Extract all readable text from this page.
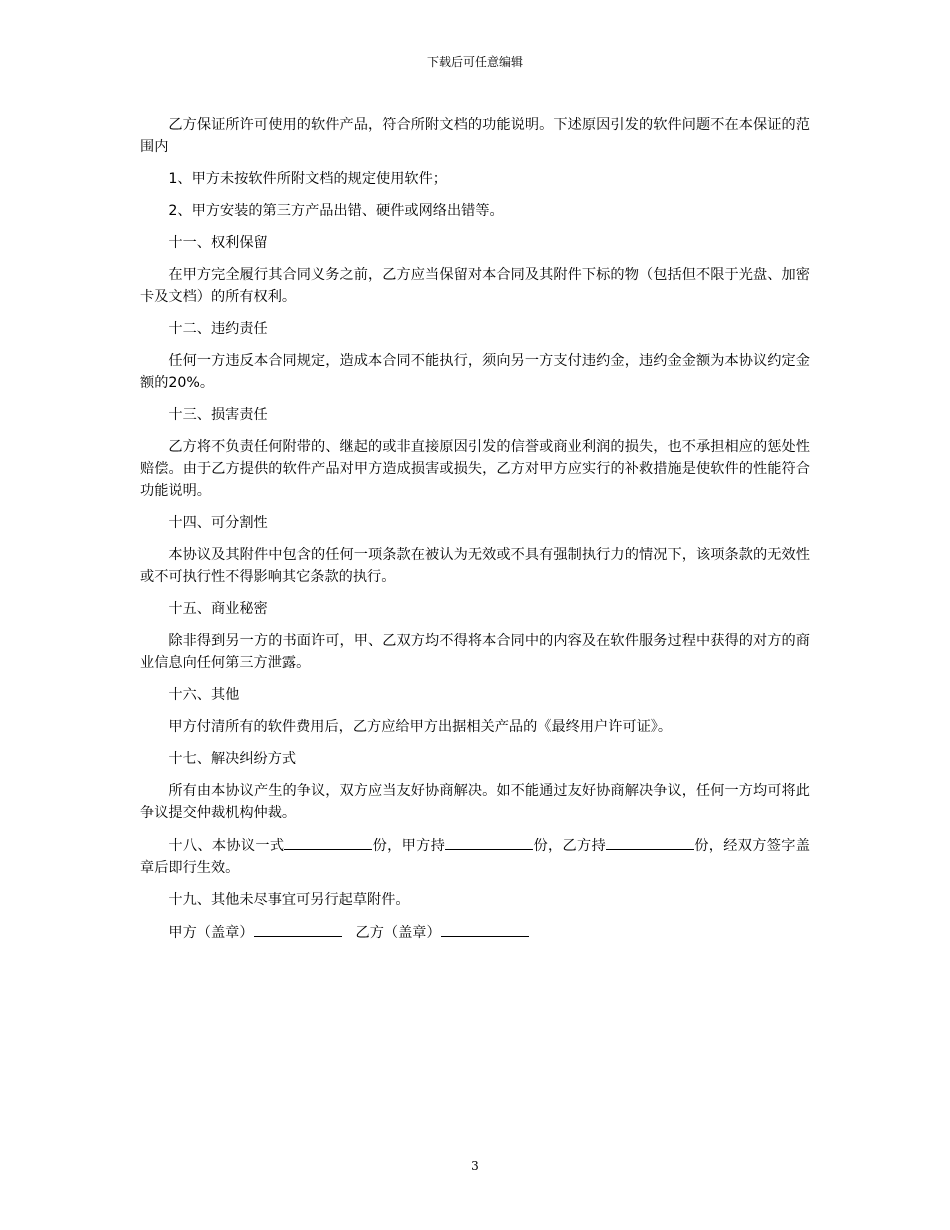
下载后可任意编辑

乙方保证所许可使用的软件产品，符合所附文档的功能说明。下述原因引发的软件问题不在本保证的范围内

1、甲方未按软件所附文档的规定使用软件；

2、甲方安装的第三方产品出错、硬件或网络出错等。

十一、权利保留

在甲方完全履行其合同义务之前，乙方应当保留对本合同及其附件下标的物（包括但不限于光盘、加密卡及文档）的所有权利。

十二、违约责任

任何一方违反本合同规定，造成本合同不能执行，须向另一方支付违约金，违约金金额为本协议约定金额的20%。

十三、损害责任

乙方将不负责任何附带的、继起的或非直接原因引发的信誉或商业利润的损失，也不承担相应的惩处性赔偿。由于乙方提供的软件产品对甲方造成损害或损失，乙方对甲方应实行的补救措施是使软件的性能符合功能说明。

十四、可分割性

本协议及其附件中包含的任何一项条款在被认为无效或不具有强制执行力的情况下，该项条款的无效性或不可执行性不得影响其它条款的执行。

十五、商业秘密

除非得到另一方的书面许可，甲、乙双方均不得将本合同中的内容及在软件服务过程中获得的对方的商业信息向任何第三方泄露。

十六、其他

甲方付清所有的软件费用后，乙方应给甲方出据相关产品的《最终用户许可证》。

十七、解决纠纷方式

所有由本协议产生的争议，双方应当友好协商解决。如不能通过友好协商解决争议，任何一方均可将此争议提交仲裁机构仲裁。

十八、本协议一式	份，甲方持	份，乙方持	份，经双方签字盖章后即行生效。

十九、其他未尽事宜可另行起草附件。

甲方（盖章）	乙方（盖章）

3
